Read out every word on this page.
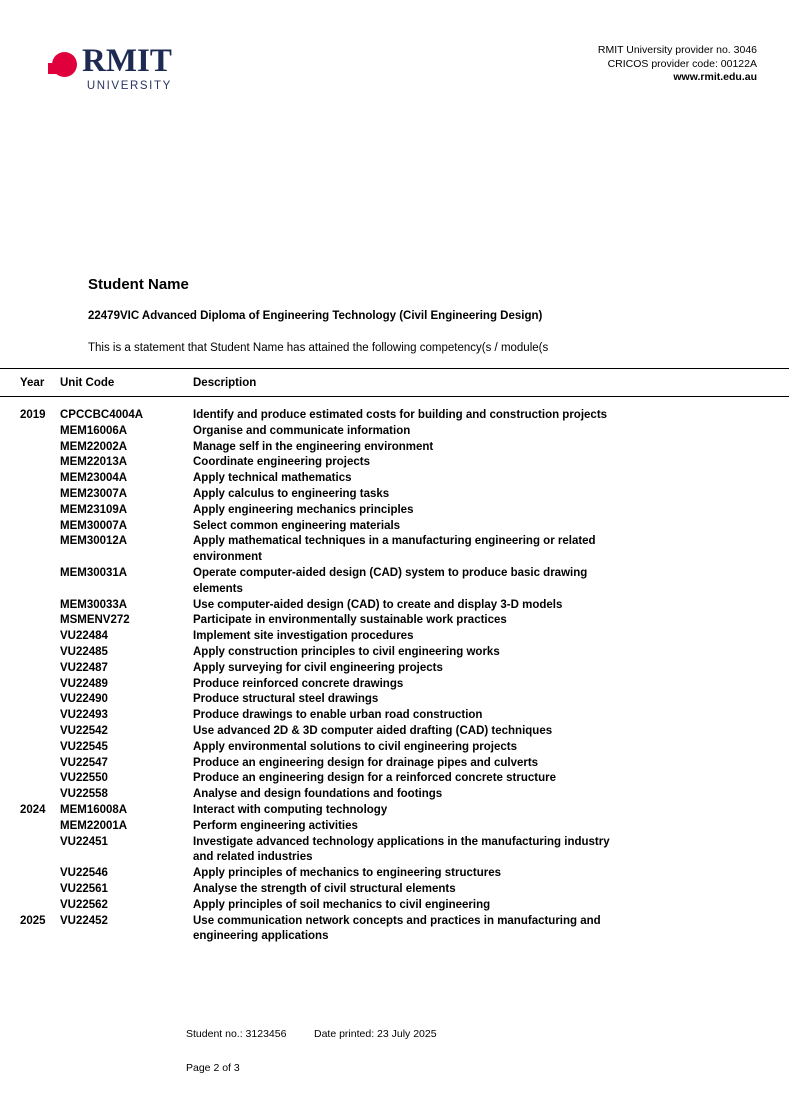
RMIT
UNIVERSITY
RMIT University provider no. 3046
CRICOS provider code: 00122A
www.rmit.edu.au
Student Name
22479VIC Advanced Diploma of Engineering Technology (Civil Engineering Design)
This is a statement that Student Name has attained the following competency(s / module(s
Year	Unit Code	Description
2019	CPCCBC4004A	Identify and produce estimated costs for building and construction projects
MEM16006A	Organise and communicate information
MEM22002A	Manage self in the engineering environment
MEM22013A	Coordinate engineering projects
MEM23004A	Apply technical mathematics
MEM23007A	Apply calculus to engineering tasks
MEM23109A	Apply engineering mechanics principles
MEM30007A	Select common engineering materials
MEM30012A	Apply mathematical techniques in a manufacturing engineering or related environment
MEM30031A	Operate computer-aided design (CAD) system to produce basic drawing elements
MEM30033A	Use computer-aided design (CAD) to create and display 3-D models
MSMENV272	Participate in environmentally sustainable work practices
VU22484	Implement site investigation procedures
VU22485	Apply construction principles to civil engineering works
VU22487	Apply surveying for civil engineering projects
VU22489	Produce reinforced concrete drawings
VU22490	Produce structural steel drawings
VU22493	Produce drawings to enable urban road construction
VU22542	Use advanced 2D & 3D computer aided drafting (CAD) techniques
VU22545	Apply environmental solutions to civil engineering projects
VU22547	Produce an engineering design for drainage pipes and culverts
VU22550	Produce an engineering design for a reinforced concrete structure
VU22558	Analyse and design foundations and footings
2024	MEM16008A	Interact with computing technology
MEM22001A	Perform engineering activities
VU22451	Investigate advanced technology applications in the manufacturing industry and related industries
VU22546	Apply principles of mechanics to engineering structures
VU22561	Analyse the strength of civil structural elements
VU22562	Apply principles of soil mechanics to civil engineering
2025	VU22452	Use communication network concepts and practices in manufacturing and engineering applications
Student no.: 3123456	Date printed: 23 July 2025
Page 2 of 3
